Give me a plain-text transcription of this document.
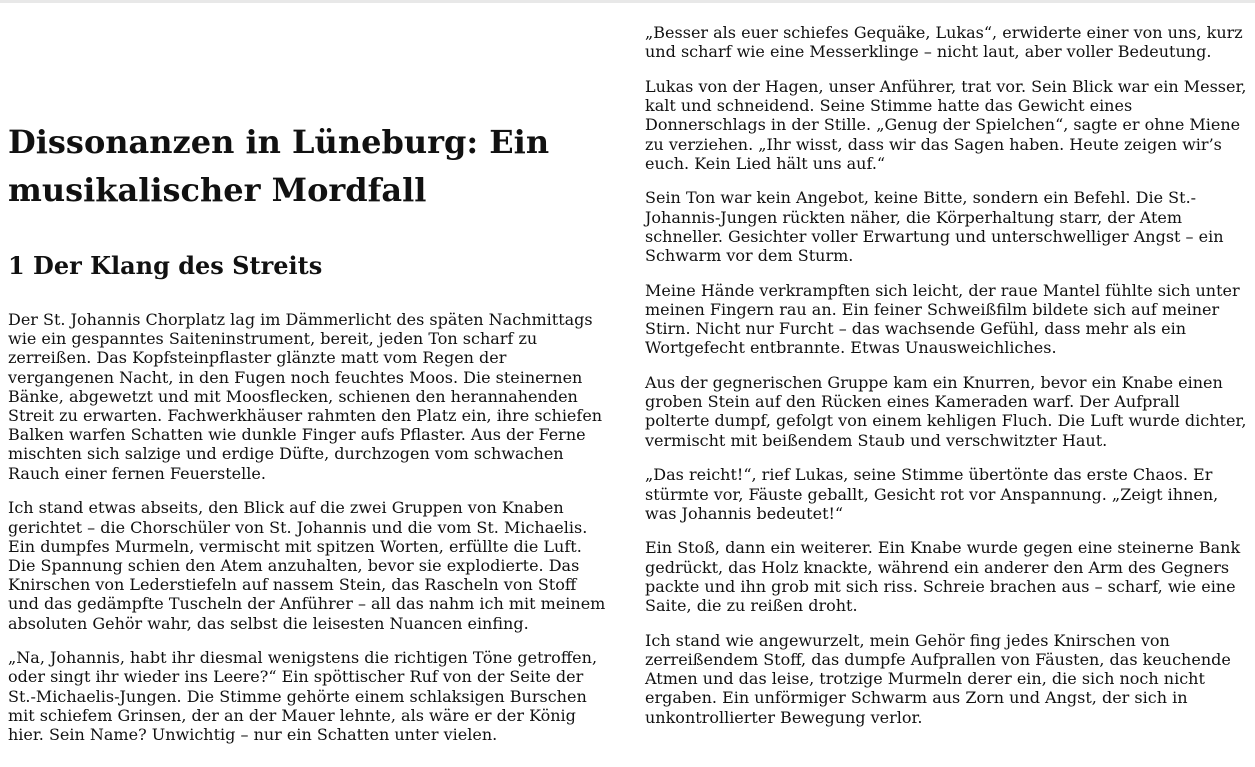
Dissonanzen in Lüneburg: Ein musikalischer Mordfall
1 Der Klang des Streits

Der St. Johannis Chorplatz lag im Dämmerlicht des späten Nachmittags wie ein gespanntes Saiteninstrument, bereit, jeden Ton scharf zu zerreißen. Das Kopfsteinpflaster glänzte matt vom Regen der vergangenen Nacht, in den Fugen noch feuchtes Moos. Die steinernen Bänke, abgewetzt und mit Moosflecken, schienen den herannahenden Streit zu erwarten. Fachwerkhäuser rahmten den Platz ein, ihre schiefen Balken warfen Schatten wie dunkle Finger aufs Pflaster. Aus der Ferne mischten sich salzige und erdige Düfte, durchzogen vom schwachen Rauch einer fernen Feuerstelle.

Ich stand etwas abseits, den Blick auf die zwei Gruppen von Knaben gerichtet – die Chorschüler von St. Johannis und die vom St. Michaelis. Ein dumpfes Murmeln, vermischt mit spitzen Worten, erfüllte die Luft. Die Spannung schien den Atem anzuhalten, bevor sie explodierte. Das Knirschen von Lederstiefeln auf nassem Stein, das Rascheln von Stoff und das gedämpfte Tuscheln der Anführer – all das nahm ich mit meinem absoluten Gehör wahr, das selbst die leisesten Nuancen einfing.

„Na, Johannis, habt ihr diesmal wenigstens die richtigen Töne getroffen, oder singt ihr wieder ins Leere?“ Ein spöttischer Ruf von der Seite der St.-Michaelis-Jungen. Die Stimme gehörte einem schlaksigen Burschen mit schiefem Grinsen, der an der Mauer lehnte, als wäre er der König hier. Sein Name? Unwichtig – nur ein Schatten unter vielen.

„Besser als euer schiefes Gequäke, Lukas“, erwiderte einer von uns, kurz und scharf wie eine Messerklinge – nicht laut, aber voller Bedeutung.

Lukas von der Hagen, unser Anführer, trat vor. Sein Blick war ein Messer, kalt und schneidend. Seine Stimme hatte das Gewicht eines Donnerschlags in der Stille. „Genug der Spielchen“, sagte er ohne Miene zu verziehen. „Ihr wisst, dass wir das Sagen haben. Heute zeigen wir’s euch. Kein Lied hält uns auf.“

Sein Ton war kein Angebot, keine Bitte, sondern ein Befehl. Die St.-Johannis-Jungen rückten näher, die Körperhaltung starr, der Atem schneller. Gesichter voller Erwartung und unterschwelliger Angst – ein Schwarm vor dem Sturm.

Meine Hände verkrampften sich leicht, der raue Mantel fühlte sich unter meinen Fingern rau an. Ein feiner Schweißfilm bildete sich auf meiner Stirn. Nicht nur Furcht – das wachsende Gefühl, dass mehr als ein Wortgefecht entbrannte. Etwas Unausweichliches.

Aus der gegnerischen Gruppe kam ein Knurren, bevor ein Knabe einen groben Stein auf den Rücken eines Kameraden warf. Der Aufprall polterte dumpf, gefolgt von einem kehligen Fluch. Die Luft wurde dichter, vermischt mit beißendem Staub und verschwitzter Haut.

„Das reicht!“, rief Lukas, seine Stimme übertönte das erste Chaos. Er stürmte vor, Fäuste geballt, Gesicht rot vor Anspannung. „Zeigt ihnen, was Johannis bedeutet!“

Ein Stoß, dann ein weiterer. Ein Knabe wurde gegen eine steinerne Bank gedrückt, das Holz knackte, während ein anderer den Arm des Gegners packte und ihn grob mit sich riss. Schreie brachen aus – scharf, wie eine Saite, die zu reißen droht.

Ich stand wie angewurzelt, mein Gehör fing jedes Knirschen von zerreißendem Stoff, das dumpfe Aufprallen von Fäusten, das keuchende Atmen und das leise, trotzige Murmeln derer ein, die sich noch nicht ergaben. Ein unförmiger Schwarm aus Zorn und Angst, der sich in unkontrollierter Bewegung verlor.
